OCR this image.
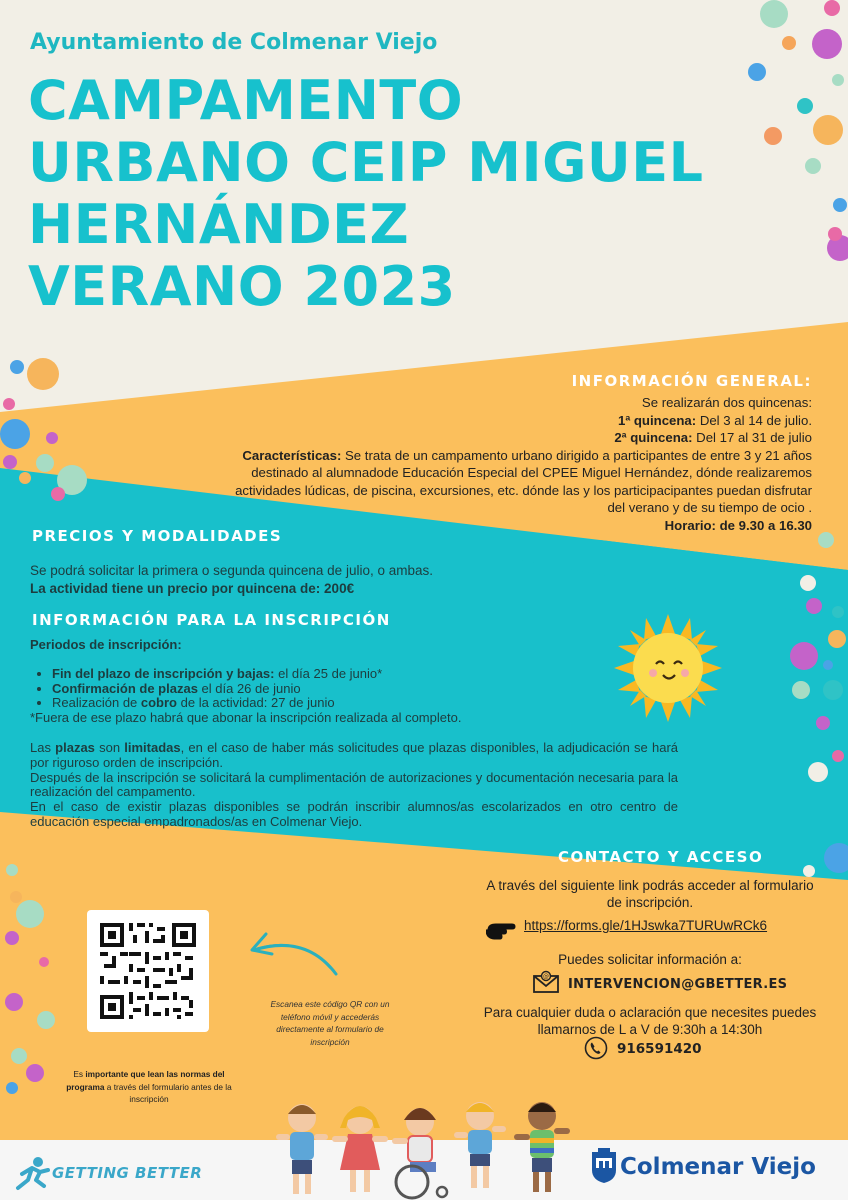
Ayuntamiento de Colmenar Viejo
CAMPAMENTO
URBANO CEIP MIGUEL
HERNÁNDEZ
VERANO 2023
INFORMACIÓN GENERAL:
Se realizarán dos quincenas:
1ª quincena: Del 3 al 14 de julio.
2ª quincena: Del 17 al 31 de julio
Características: Se trata de un campamento urbano dirigido a participantes de entre 3 y 21 años destinado al alumnadode Educación Especial del CPEE Miguel Hernández, dónde realizaremos actividades lúdicas, de piscina, excursiones, etc. dónde las y los participacipantes puedan disfrutar del verano y de su tiempo de ocio .
Horario: de 9.30 a 16.30
PRECIOS Y MODALIDADES
Se podrá solicitar la primera o segunda quincena de julio, o ambas.
La actividad tiene un precio por quincena de: 200€
INFORMACIÓN PARA LA INSCRIPCIÓN
Periodos de inscripción:
• Fin del plazo de inscripción y bajas: el día 25 de junio*
• Confirmación de plazas el día 26 de junio
• Realización de cobro de la actividad: 27 de junio
*Fuera de ese plazo habrá que abonar la inscripción realizada al completo.

Las plazas son limitadas, en el caso de haber más solicitudes que plazas disponibles, la adjudicación se hará por riguroso orden de inscripción.

Después de la inscripción se solicitará la cumplimentación de autorizaciones y documentación necesaria para la realización del campamento.

En el caso de existir plazas disponibles se podrán inscribir alumnos/as escolarizados en otro centro de educación especial empadronados/as en Colmenar Viejo.

CONTACTO Y ACCESO
A través del siguiente link podrás acceder al formulario de inscripción.
https://forms.gle/1HJswka7TURUwRCk6
Puedes solicitar información a:
@
INTERVENCION@GBETTER.ES
Para cualquier duda o aclaración que necesites puedes llamarnos de L a V de 9:30h a 14:30h
916591420
Escanea este código QR con un teléfono móvil y accederás directamente al formulario de inscripción
Es importante que lean las normas del programa a través del formulario antes de la inscripción
GETTING BETTER	Colmenar Viejo
